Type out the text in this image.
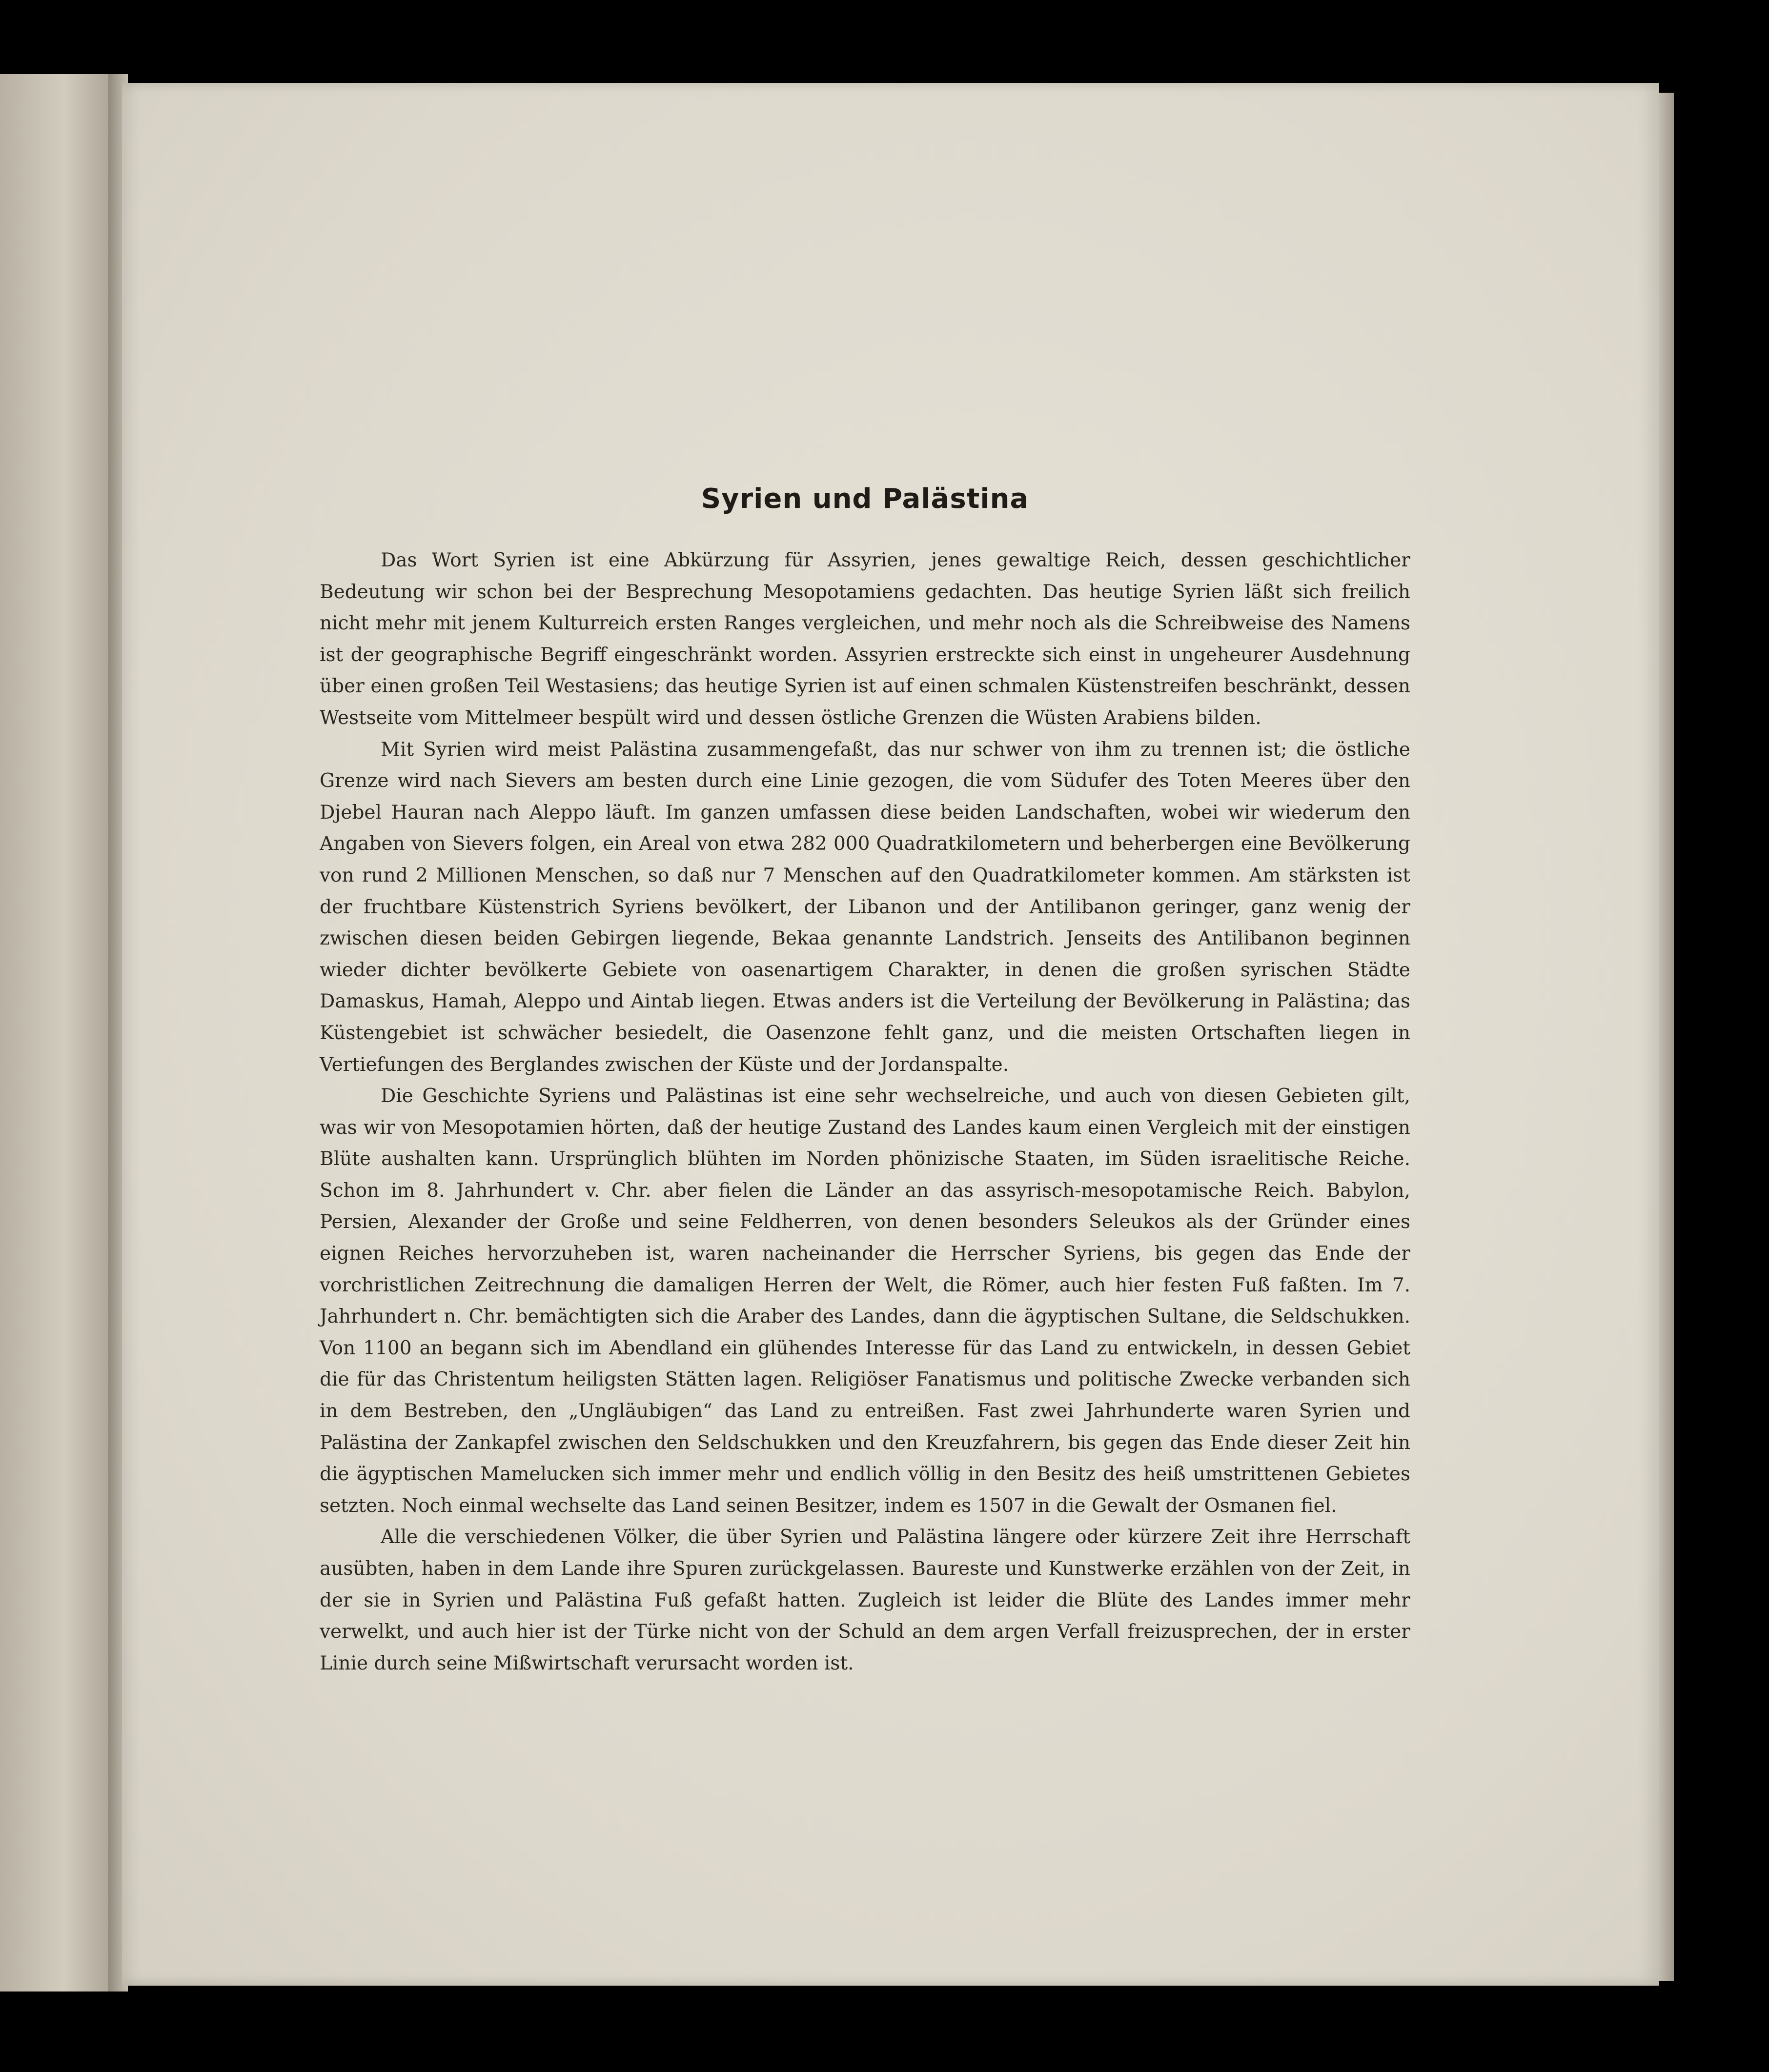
Syrien und Palästina

Das Wort Syrien ist eine Abkürzung für Assyrien, jenes gewaltige Reich, dessen geschichtlicher Bedeutung wir schon bei der Besprechung Mesopotamiens gedachten. Das heutige Syrien läßt sich freilich nicht mehr mit jenem Kulturreich ersten Ranges vergleichen, und mehr noch als die Schreibweise des Namens ist der geographische Begriff eingeschränkt worden. Assyrien erstreckte sich einst in ungeheurer Ausdehnung über einen großen Teil Westasiens; das heutige Syrien ist auf einen schmalen Küstenstreifen beschränkt, dessen Westseite vom Mittelmeer bespült wird und dessen östliche Grenzen die Wüsten Arabiens bilden.

Mit Syrien wird meist Palästina zusammengefaßt, das nur schwer von ihm zu trennen ist; die östliche Grenze wird nach Sievers am besten durch eine Linie gezogen, die vom Südufer des Toten Meeres über den Djebel Hauran nach Aleppo läuft. Im ganzen umfassen diese beiden Landschaften, wobei wir wiederum den Angaben von Sievers folgen, ein Areal von etwa 282 000 Quadratkilometern und beherbergen eine Bevölkerung von rund 2 Millionen Menschen, so daß nur 7 Menschen auf den Quadratkilometer kommen. Am stärksten ist der fruchtbare Küstenstrich Syriens bevölkert, der Libanon und der Antilibanon geringer, ganz wenig der zwischen diesen beiden Gebirgen liegende, Bekaa genannte Landstrich. Jenseits des Antilibanon beginnen wieder dichter bevölkerte Gebiete von oasenartigem Charakter, in denen die großen syrischen Städte Damaskus, Hamah, Aleppo und Aintab liegen. Etwas anders ist die Verteilung der Bevölkerung in Palästina; das Küstengebiet ist schwächer besiedelt, die Oasenzone fehlt ganz, und die meisten Ortschaften liegen in Vertiefungen des Berglandes zwischen der Küste und der Jordanspalte.

Die Geschichte Syriens und Palästinas ist eine sehr wechselreiche, und auch von diesen Gebieten gilt, was wir von Mesopotamien hörten, daß der heutige Zustand des Landes kaum einen Vergleich mit der einstigen Blüte aushalten kann. Ursprünglich blühten im Norden phönizische Staaten, im Süden israelitische Reiche. Schon im 8. Jahrhundert v. Chr. aber fielen die Länder an das assyrisch-mesopotamische Reich. Babylon, Persien, Alexander der Große und seine Feldherren, von denen besonders Seleukos als der Gründer eines eignen Reiches hervorzuheben ist, waren nacheinander die Herrscher Syriens, bis gegen das Ende der vorchristlichen Zeitrechnung die damaligen Herren der Welt, die Römer, auch hier festen Fuß faßten. Im 7. Jahrhundert n. Chr. bemächtigten sich die Araber des Landes, dann die ägyptischen Sultane, die Seldschukken. Von 1100 an begann sich im Abendland ein glühendes Interesse für das Land zu entwickeln, in dessen Gebiet die für das Christentum heiligsten Stätten lagen. Religiöser Fanatismus und politische Zwecke verbanden sich in dem Bestreben, den „Ungläubigen“ das Land zu entreißen. Fast zwei Jahrhunderte waren Syrien und Palästina der Zankapfel zwischen den Seldschukken und den Kreuzfahrern, bis gegen das Ende dieser Zeit hin die ägyptischen Mamelucken sich immer mehr und endlich völlig in den Besitz des heiß umstrittenen Gebietes setzten. Noch einmal wechselte das Land seinen Besitzer, indem es 1507 in die Gewalt der Osmanen fiel.

Alle die verschiedenen Völker, die über Syrien und Palästina längere oder kürzere Zeit ihre Herrschaft ausübten, haben in dem Lande ihre Spuren zurückgelassen. Baureste und Kunstwerke erzählen von der Zeit, in der sie in Syrien und Palästina Fuß gefaßt hatten. Zugleich ist leider die Blüte des Landes immer mehr verwelkt, und auch hier ist der Türke nicht von der Schuld an dem argen Verfall freizusprechen, der in erster Linie durch seine Mißwirtschaft verursacht worden ist.
